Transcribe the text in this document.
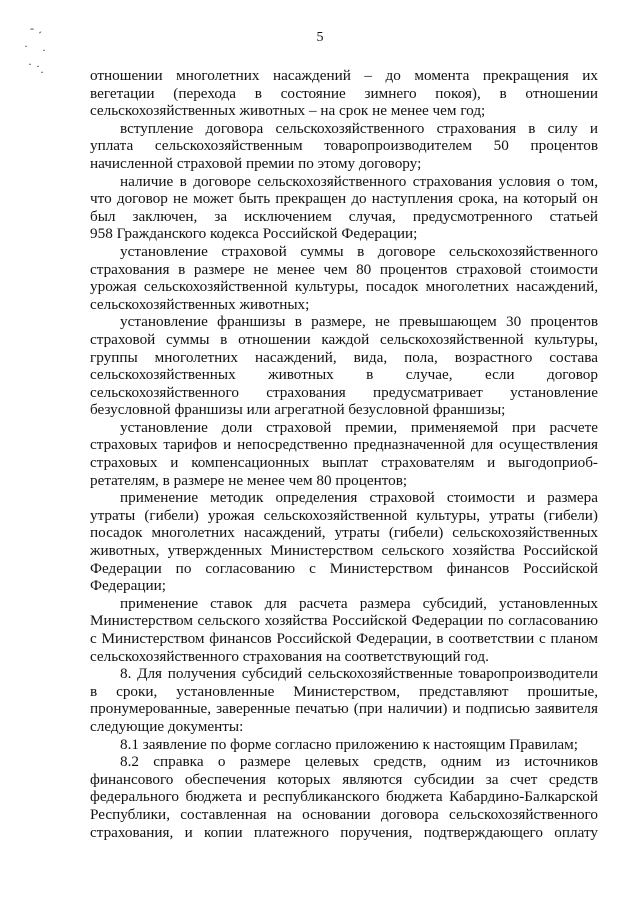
5
-
´
· ·
· · ·	отношении многолетних насаждений – до момента прекращения их
вегетации (перехода в состояние зимнего покоя), в отношении
сельскохозяйственных животных – на срок не менее чем год;
вступление договора сельскохозяйственного страхования в силу и
уплата сельскохозяйственным товаропроизводителем 50 процентов
начисленной страховой премии по этому договору;
наличие в договоре сельскохозяйственного страхования условия о том,
что договор не может быть прекращен до наступления срока, на который он
был заключен, за исключением случая, предусмотренного статьей
958 Гражданского кодекса Российской Федерации;
установление страховой суммы в договоре сельскохозяйственного
страхования в размере не менее чем 80 процентов страховой стоимости
урожая сельскохозяйственной культуры, посадок многолетних насаждений,
сельскохозяйственных животных;
установление франшизы в размере, не превышающем 30 процентов
страховой суммы в отношении каждой сельскохозяйственной культуры,
группы многолетних насаждений, вида, пола, возрастного состава
сельскохозяйственных животных в случае, если договор
сельскохозяйственного страхования предусматривает установление
безусловной франшизы или агрегатной безусловной франшизы;
установление доли страховой премии, применяемой при расчете
страховых тарифов и непосредственно предназначенной для осуществления
страховых и компенсационных выплат страхователям и выгодоприоб-
ретателям, в размере не менее чем 80 процентов;
применение методик определения страховой стоимости и размера
утраты (гибели) урожая сельскохозяйственной культуры, утраты (гибели)
посадок многолетних насаждений, утраты (гибели) сельскохозяйственных
животных, утвержденных Министерством сельского хозяйства Российской
Федерации по согласованию с Министерством финансов Российской
Федерации;
применение ставок для расчета размера субсидий, установленных
Министерством сельского хозяйства Российской Федерации по согласованию
с Министерством финансов Российской Федерации, в соответствии с планом
сельскохозяйственного страхования на соответствующий год.
8. Для получения субсидий сельскохозяйственные товаропроизводители
в сроки, установленные Министерством, представляют прошитые,
пронумерованные, заверенные печатью (при наличии) и подписью заявителя
следующие документы:
8.1 заявление по форме согласно приложению к настоящим Правилам;
8.2 справка о размере целевых средств, одним из источников
финансового обеспечения которых являются субсидии за счет средств
федерального бюджета и республиканского бюджета Кабардино-Балкарской
Республики, составленная на основании договора сельскохозяйственного
страхования, и копии платежного поручения, подтверждающего оплату
